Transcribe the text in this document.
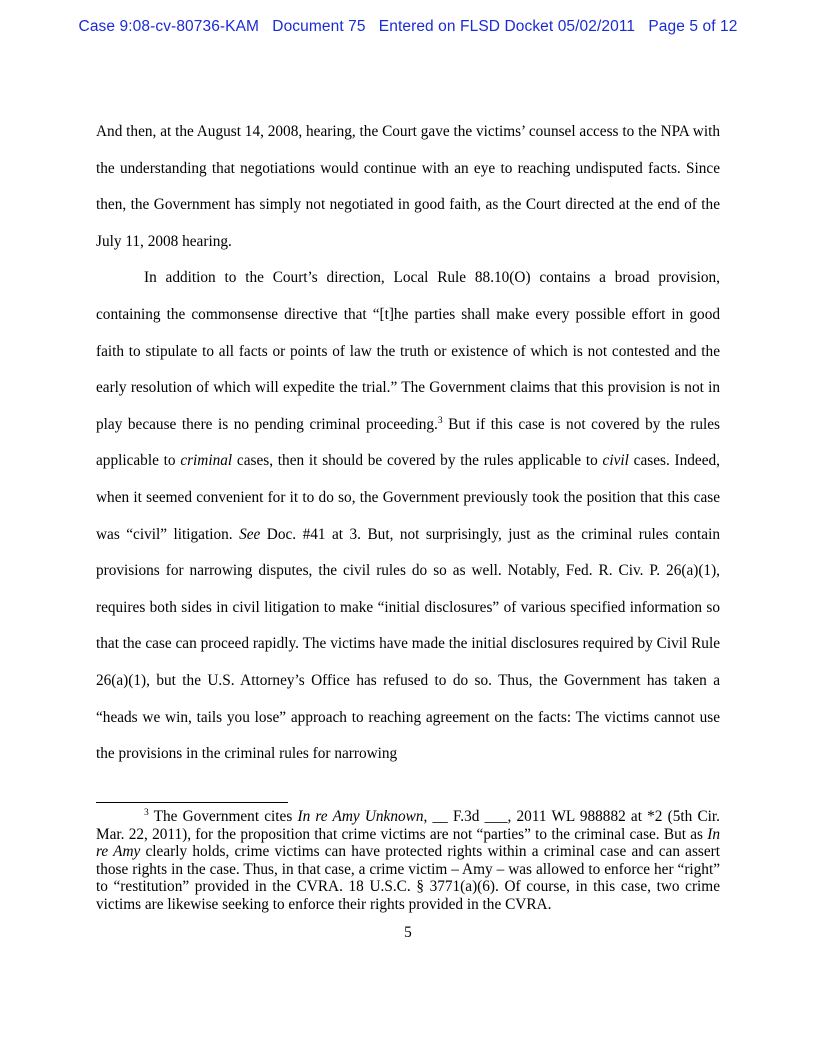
Case 9:08-cv-80736-KAM   Document 75   Entered on FLSD Docket 05/02/2011   Page 5 of 12

And then, at the August 14, 2008, hearing, the Court gave the victims’ counsel access to the NPA with the understanding that negotiations would continue with an eye to reaching undisputed facts. Since then, the Government has simply not negotiated in good faith, as the Court directed at the end of the July 11, 2008 hearing.

In addition to the Court’s direction, Local Rule 88.10(O) contains a broad provision, containing the commonsense directive that “[t]he parties shall make every possible effort in good faith to stipulate to all facts or points of law the truth or existence of which is not contested and the early resolution of which will expedite the trial.” The Government claims that this provision is not in play because there is no pending criminal proceeding.$^3$ But if this case is not covered by the rules applicable to criminal cases, then it should be covered by the rules applicable to civil cases. Indeed, when it seemed convenient for it to do so, the Government previously took the position that this case was “civil” litigation. See Doc. #41 at 3. But, not surprisingly, just as the criminal rules contain provisions for narrowing disputes, the civil rules do so as well. Notably, Fed. R. Civ. P. 26(a)(1), requires both sides in civil litigation to make “initial disclosures” of various specified information so that the case can proceed rapidly. The victims have made the initial disclosures required by Civil Rule 26(a)(1), but the U.S. Attorney’s Office has refused to do so. Thus, the Government has taken a “heads we win, tails you lose” approach to reaching agreement on the facts: The victims cannot use the provisions in the criminal rules for narrowing

$^3$ The Government cites In re Amy Unknown, __ F.3d ___, 2011 WL 988882 at *2 (5th Cir. Mar. 22, 2011), for the proposition that crime victims are not “parties” to the criminal case. But as In re Amy clearly holds, crime victims can have protected rights within a criminal case and can assert those rights in the case. Thus, in that case, a crime victim – Amy – was allowed to enforce her “right” to “restitution” provided in the CVRA. 18 U.S.C. § 3771(a)(6). Of course, in this case, two crime victims are likewise seeking to enforce their rights provided in the CVRA.
5
